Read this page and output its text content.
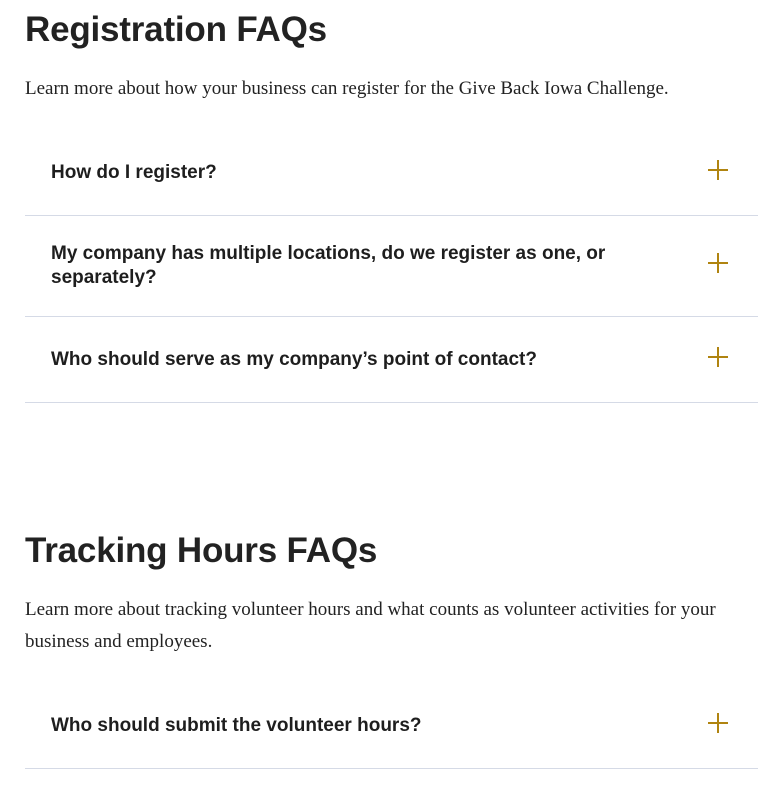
Registration FAQs

Learn more about how your business can register for the Give Back Iowa Challenge.

How do I register?
My company has multiple locations, do we register as one, or separately?
Who should serve as my company’s point of contact?
Tracking Hours FAQs

Learn more about tracking volunteer hours and what counts as volunteer activities for your business and employees.

Who should submit the volunteer hours?
